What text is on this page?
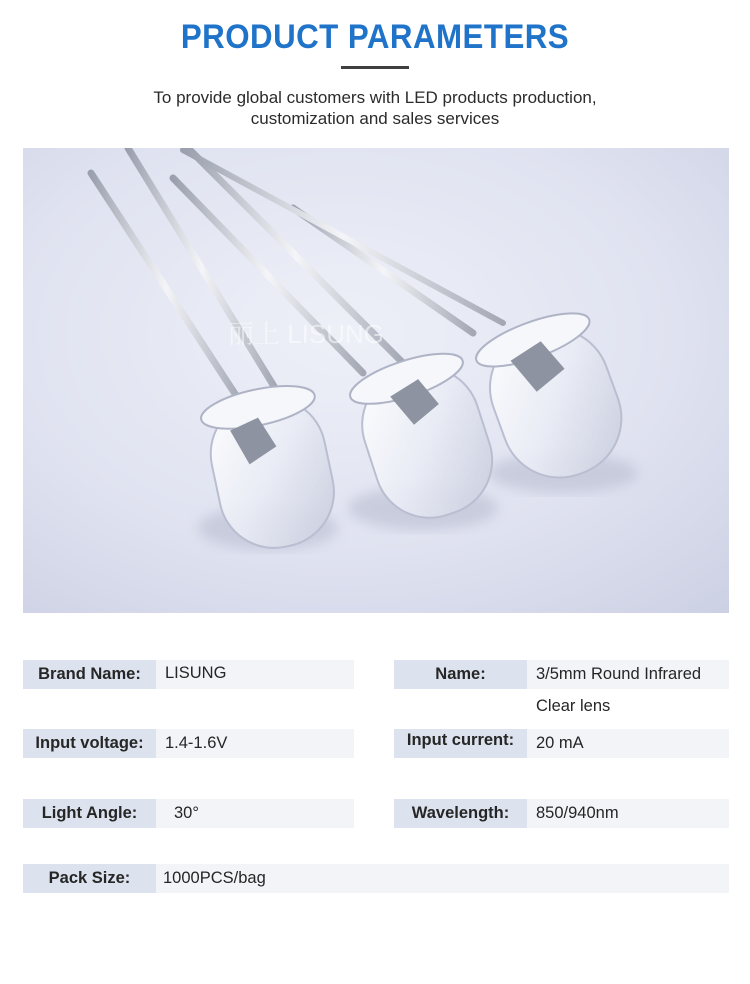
PRODUCT PARAMETERS
To provide global customers with LED products production,
customization and sales services
丽上 LISUNG
Brand Name:	LISUNG	Name:	3/5mm Round Infrared
Clear lens
Input voltage:	1.4-1.6V	Input current:	20 mA
Light Angle:	30°	Wavelength:	850/940nm
Pack Size:	1000PCS/bag
